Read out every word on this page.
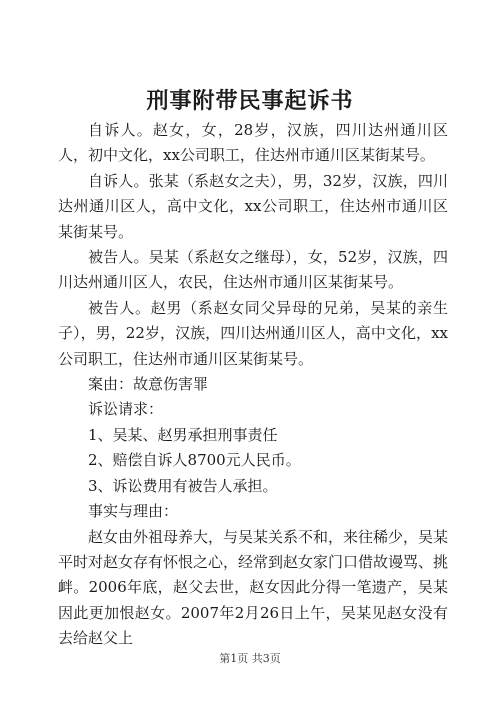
刑事附带民事起诉书

自诉人。赵女，女，28岁，汉族，四川达州通川区人，初中文化，xx公司职工，住达州市通川区某街某号。

自诉人。张某（系赵女之夫），男，32岁，汉族，四川达州通川区人，高中文化，xx公司职工，住达州市通川区某街某号。

被告人。吴某（系赵女之继母），女，52岁，汉族，四川达州通川区人，农民，住达州市通川区某街某号。

被告人。赵男（系赵女同父异母的兄弟，吴某的亲生子），男，22岁，汉族，四川达州通川区人，高中文化，xx公司职工，住达州市通川区某街某号。

案由：故意伤害罪

诉讼请求：

1、吴某、赵男承担刑事责任

2、赔偿自诉人8700元人民币。

3、诉讼费用有被告人承担。

事实与理由：

赵女由外祖母养大，与吴某关系不和，来往稀少，吴某平时对赵女存有怀恨之心，经常到赵女家门口借故谩骂、挑衅。2006年底，赵父去世，赵女因此分得一笔遗产，吴某因此更加恨赵女。2007年2月26日上午，吴某见赵女没有去给赵父上

第1页 共3页
